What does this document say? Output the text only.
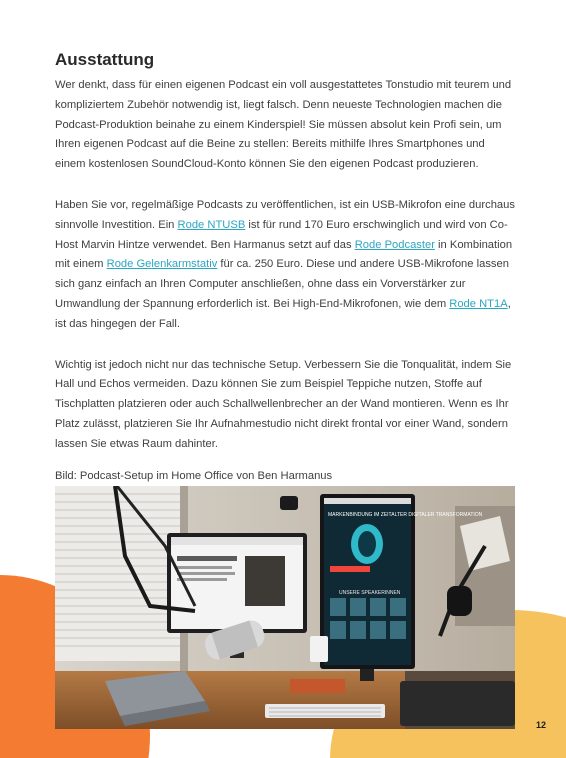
Ausstattung

Wer denkt, dass für einen eigenen Podcast ein voll ausgestattetes Tonstudio mit teurem und kompliziertem Zubehör notwendig ist, liegt falsch. Denn neueste Technologien machen die Podcast-Produktion beinahe zu einem Kinderspiel! Sie müssen absolut kein Profi sein, um Ihren eigenen Podcast auf die Beine zu stellen: Bereits mithilfe Ihres Smartphones und einem kostenlosen SoundCloud-Konto können Sie den eigenen Podcast produzieren.

Haben Sie vor, regelmäßige Podcasts zu veröffentlichen, ist ein USB-Mikrofon eine durchaus sinnvolle Investition. Ein Rode NTUSB ist für rund 170 Euro erschwinglich und wird von Co-Host Marvin Hintze verwendet. Ben Harmanus setzt auf das Rode Podcaster in Kombination mit einem Rode Gelenkarmstativ für ca. 250 Euro. Diese und andere USB-Mikrofone lassen sich ganz einfach an Ihren Computer anschließen, ohne dass ein Vorverstärker zur Umwandlung der Spannung erforderlich ist. Bei High-End-Mikrofonen, wie dem Rode NT1A, ist das hingegen der Fall.

Wichtig ist jedoch nicht nur das technische Setup. Verbessern Sie die Tonqualität, indem Sie Hall und Echos vermeiden. Dazu können Sie zum Beispiel Teppiche nutzen, Stoffe auf Tischplatten platzieren oder auch Schallwellenbrecher an der Wand montieren. Wenn es Ihr Platz zulässt, platzieren Sie Ihr Aufnahmestudio nicht direkt frontal vor einer Wand, sondern lassen Sie etwas Raum dahinter.

Bild: Podcast-Setup im Home Office von Ben Harmanus
MARKENBINDUNG IM ZEITALTER DIGITALER TRANSFORMATION
UNSERE SPEAKERINNEN
12
